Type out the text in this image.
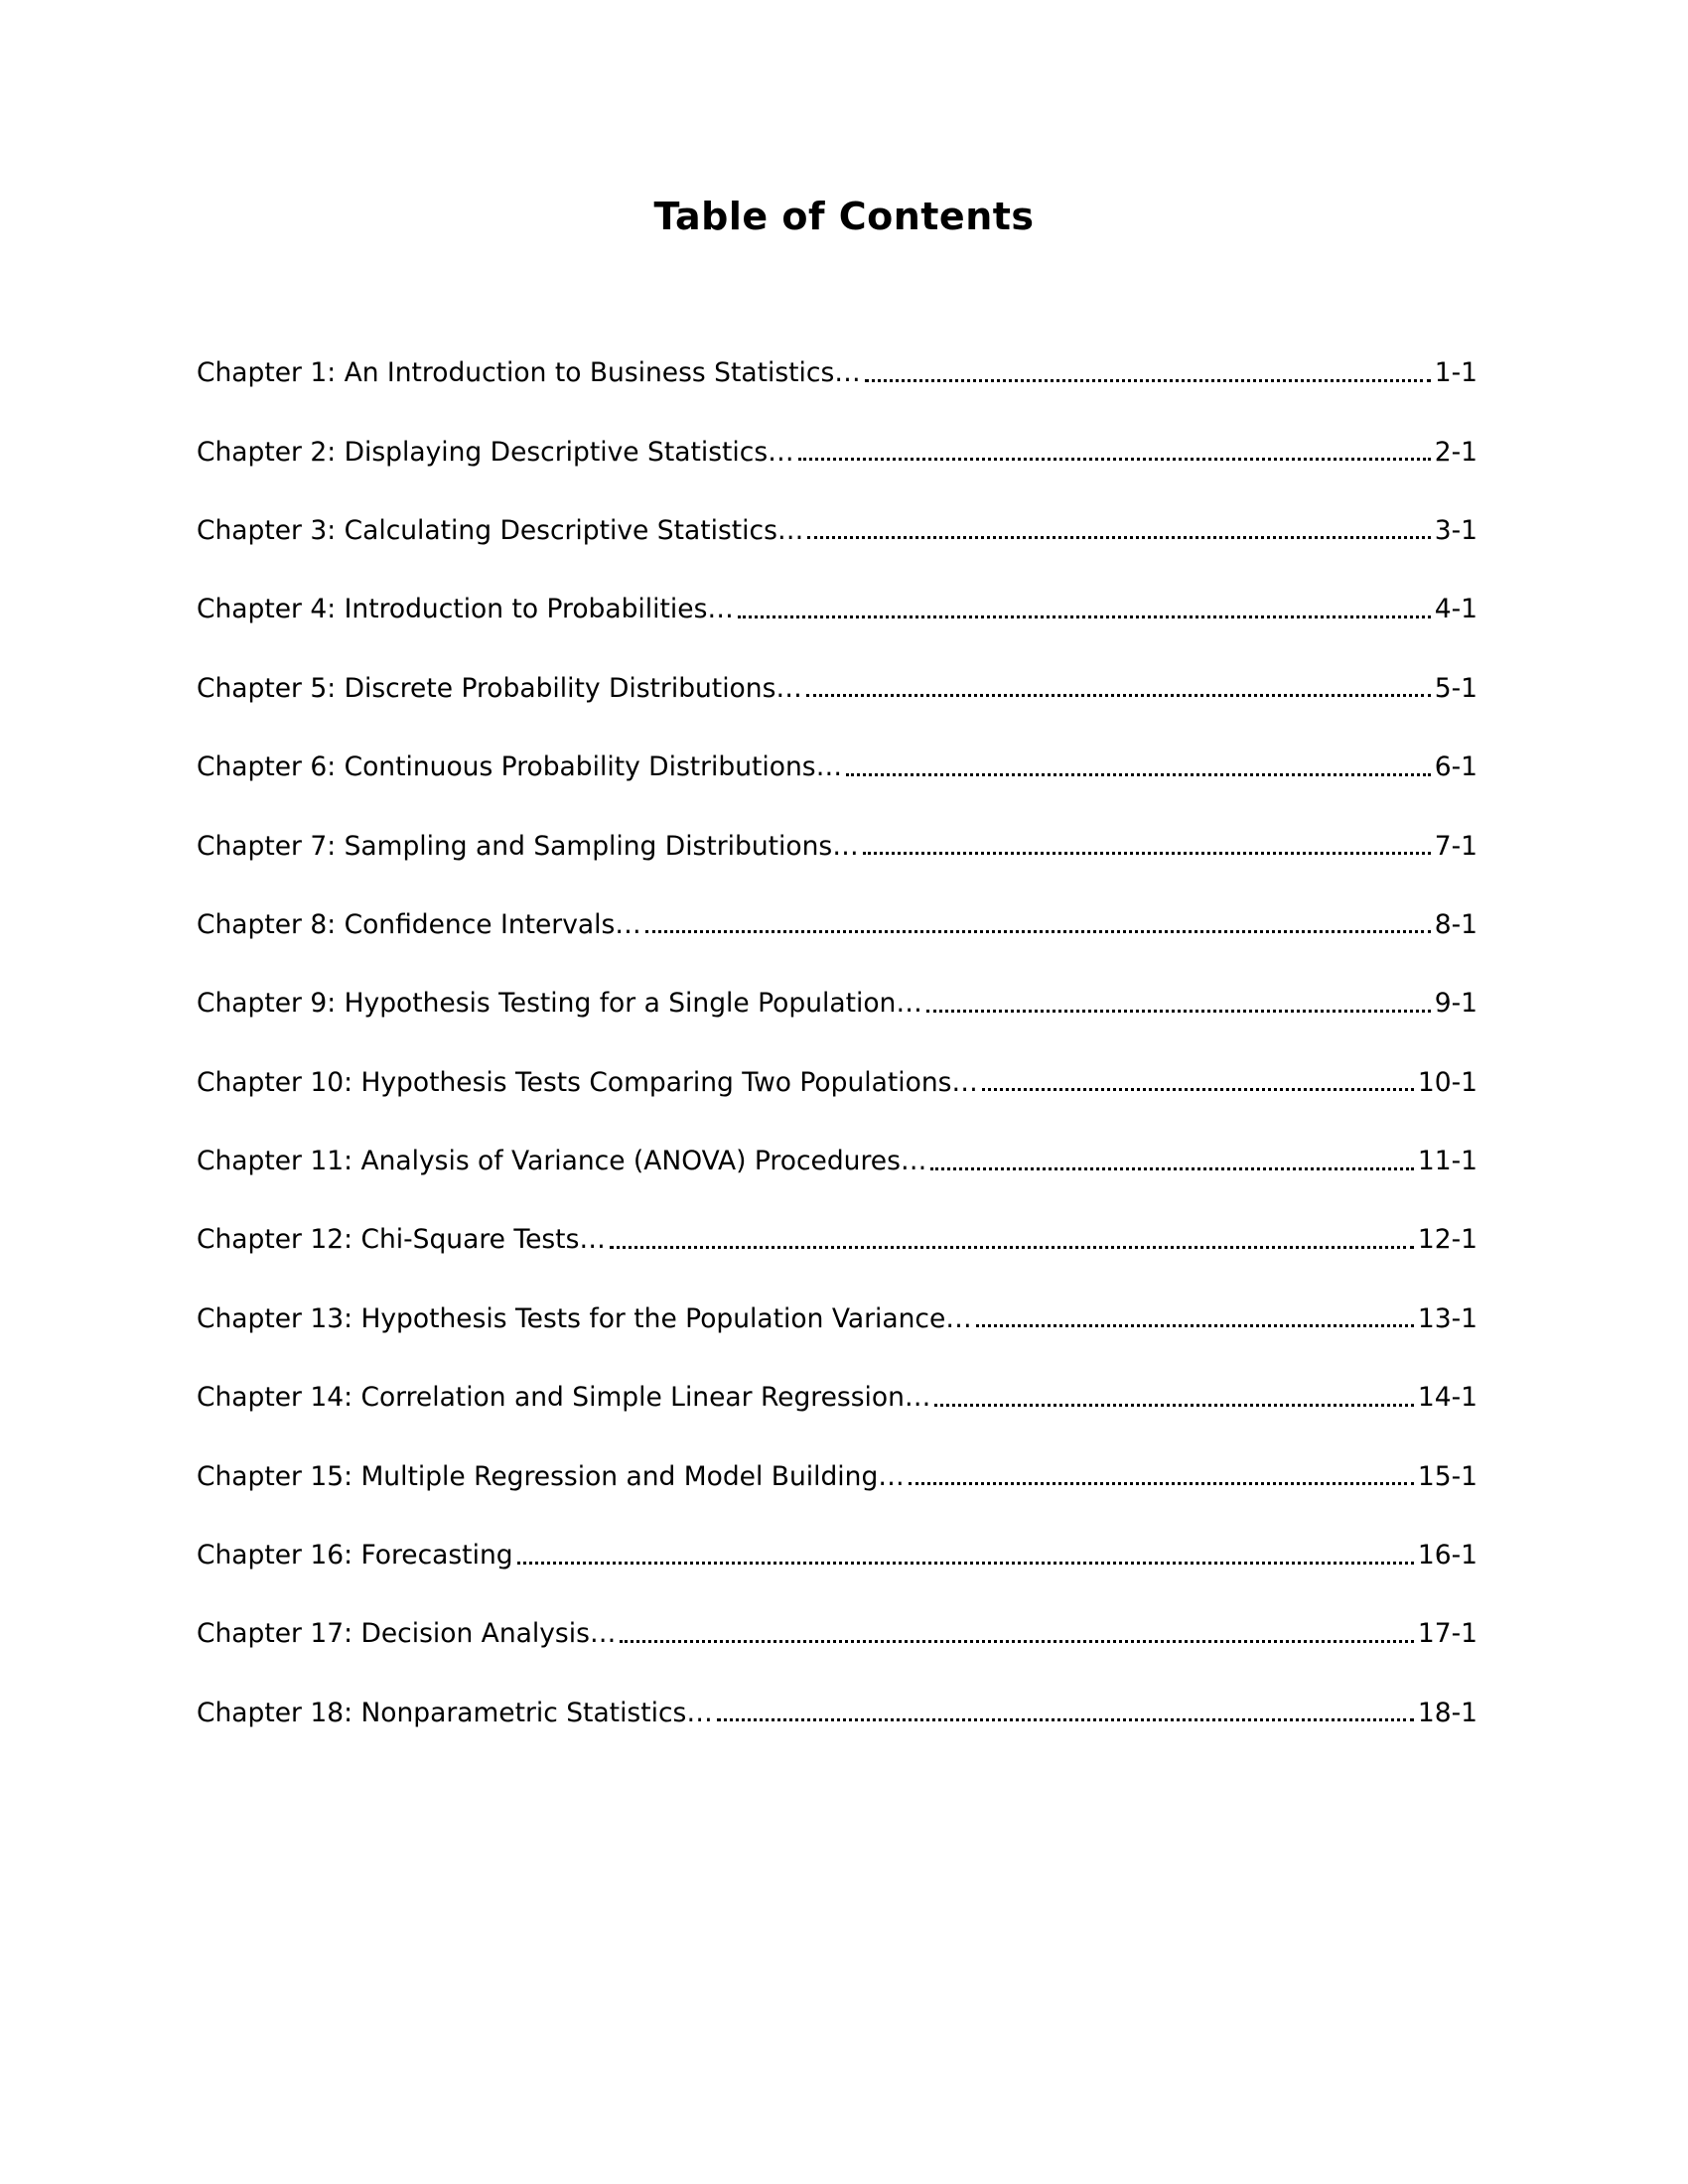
Table of Contents
Chapter 1: An Introduction to Business Statistics…	1-1
Chapter 2: Displaying Descriptive Statistics…	2-1
Chapter 3: Calculating Descriptive Statistics…	3-1
Chapter 4: Introduction to Probabilities…	4-1
Chapter 5: Discrete Probability Distributions…	5-1
Chapter 6: Continuous Probability Distributions…	6-1
Chapter 7: Sampling and Sampling Distributions…	7-1
Chapter 8: Confidence Intervals…	8-1
Chapter 9: Hypothesis Testing for a Single Population…	9-1
Chapter 10: Hypothesis Tests Comparing Two Populations…	10-1
Chapter 11: Analysis of Variance (ANOVA) Procedures…	11-1
Chapter 12: Chi-Square Tests…	12-1
Chapter 13: Hypothesis Tests for the Population Variance…	13-1
Chapter 14: Correlation and Simple Linear Regression…	14-1
Chapter 15: Multiple Regression and Model Building…	15-1
Chapter 16: Forecasting	16-1
Chapter 17: Decision Analysis…	17-1
Chapter 18: Nonparametric Statistics…	18-1
